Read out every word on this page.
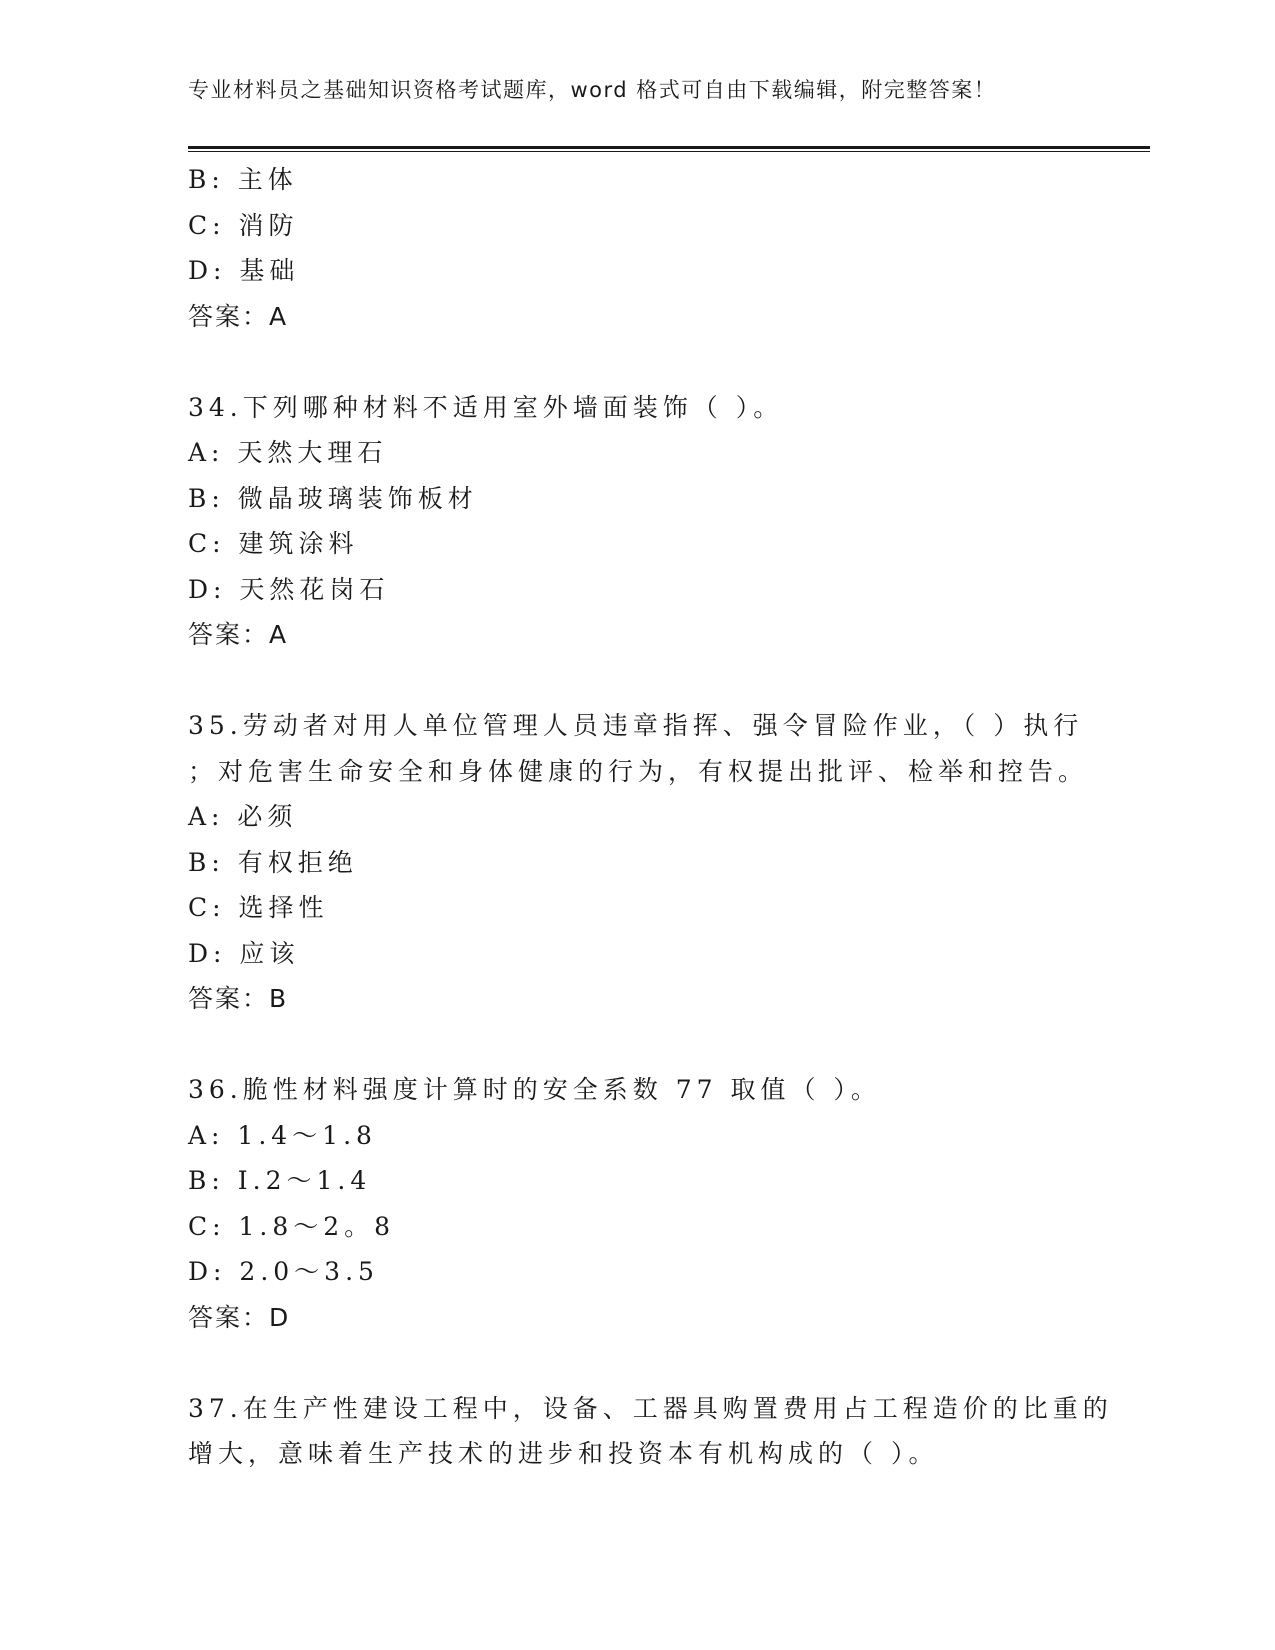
专业材料员之基础知识资格考试题库，word 格式可自由下载编辑，附完整答案！
B: 主体
C: 消防
D: 基础
答案：A
34.下列哪种材料不适用室外墙面装饰（ ）。
A: 天然大理石
B: 微晶玻璃装饰板材
C: 建筑涂料
D: 天然花岗石
答案：A
35.劳动者对用人单位管理人员违章指挥、强令冒险作业，（ ）执行
；对危害生命安全和身体健康的行为，有权提出批评、检举和控告。
A: 必须
B: 有权拒绝
C: 选择性
D: 应该
答案：B
36.脆性材料强度计算时的安全系数 77 取值（ ）。
A: 1.4～1.8
B: I.2～1.4
C: 1.8～2。8
D: 2.0～3.5
答案：D
37.在生产性建设工程中，设备、工器具购置费用占工程造价的比重的
增大，意味着生产技术的进步和投资本有机构成的（ ）。
